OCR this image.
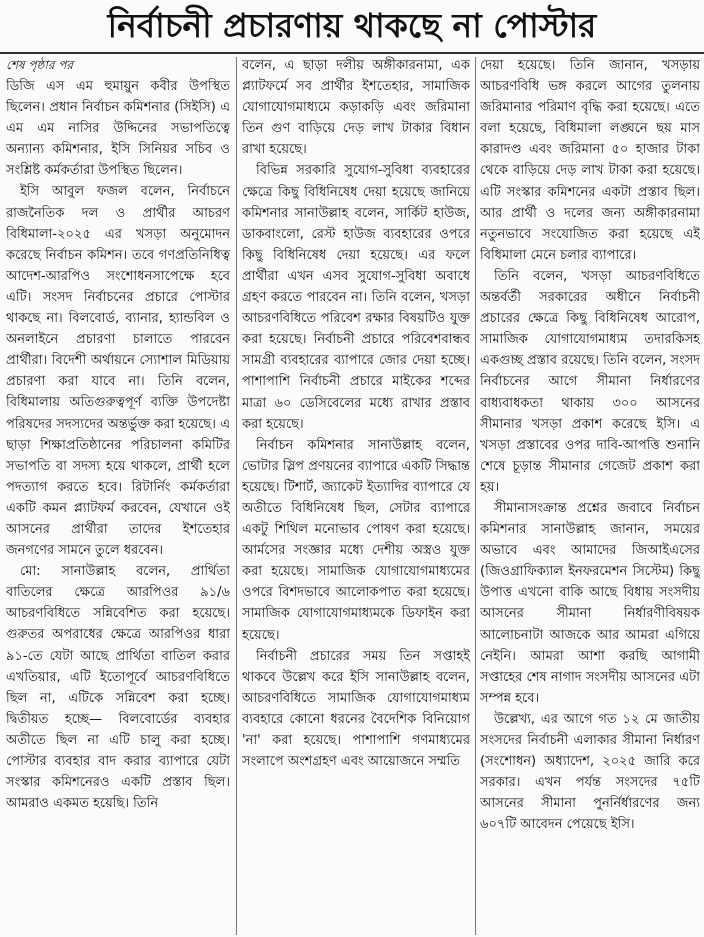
নির্বাচনী প্রচারণায় থাকছে না পোস্টার

শেষ পৃষ্ঠার পর

ডিজি এস এম হুমায়ুন কবীর উপস্থিত ছিলেন। প্রধান নির্বাচন কমিশনার (সিইসি) এ এম এম নাসির উদ্দিনের সভাপতিত্বে অন্যান্য কমিশনার, ইসি সিনিয়র সচিব ও সংশ্লিষ্ট কর্মকর্তারা উপস্থিত ছিলেন।

ইসি আবুল ফজল বলেন, নির্বাচনে রাজনৈতিক দল ও প্রার্থীর আচরণ বিধিমালা-২০২৫ এর খসড়া অনুমোদন করেছে নির্বাচন কমিশন। তবে গণপ্রতিনিধিত্ব আদেশ-আরপিও সংশোধনসাপেক্ষে হবে এটি। সংসদ নির্বাচনের প্রচারে পোস্টার থাকছে না। বিলবোর্ড, ব্যানার, হ্যান্ডবিল ও অনলাইনে প্রচারণা চালাতে পারবেন প্রার্থীরা। বিদেশী অর্থায়নে স্যোশাল মিডিয়ায় প্রচারণা করা যাবে না। তিনি বলেন, বিধিমালায় অতিগুরুত্বপূর্ণ ব্যক্তি উপদেষ্টা পরিষদের সদস্যদের অন্তর্ভুক্ত করা হয়েছে। এ ছাড়া শিক্ষাপ্রতিষ্ঠানের পরিচালনা কমিটির সভাপতি বা সদস্য হয়ে থাকলে, প্রার্থী হলে পদত্যাগ করতে হবে। রিটার্নিং কর্মকর্তারা একটি কমন প্ল্যাটফর্ম করবেন, যেখানে ওই আসনের প্রার্থীরা তাদের ইশতেহার জনগণের সামনে তুলে ধরবেন।

মো: সানাউল্লাহ বলেন, প্রার্থিতা বাতিলের ক্ষেত্রে আরপিওর ৯১/৬ আচরণবিধিতে সন্নিবেশিত করা হয়েছে। গুরুতর অপরাধের ক্ষেত্রে আরপিওর ধারা ৯১-তে যেটা আছে প্রার্থিতা বাতিল করার এখতিয়ার, এটি ইতোপূর্বে আচরণবিধিতে ছিল না, এটিকে সন্নিবেশ করা হচ্ছে। দ্বিতীয়ত হচ্ছে— বিলবোর্ডের ব্যবহার অতীতে ছিল না এটি চালু করা হচ্ছে। পোস্টার ব্যবহার বাদ করার ব্যাপারে যেটা সংস্কার কমিশনেরও একটি প্রস্তাব ছিল। আমরাও একমত হয়েছি। তিনি

বলেন, এ ছাড়া দলীয় অঙ্গীকারনামা, এক প্ল্যাটফর্মে সব প্রার্থীর ইশতেহার, সামাজিক যোগাযোগমাধ্যমে কড়াকড়ি এবং জরিমানা তিন গুণ বাড়িয়ে দেড় লাখ টাকার বিধান রাখা হয়েছে।

বিভিন্ন সরকারি সুযোগ-সুবিধা ব্যবহারের ক্ষেত্রে কিছু বিধিনিষেধ দেয়া হয়েছে জানিয়ে কমিশনার সানাউল্লাহ বলেন, সার্কিট হাউজ, ডাকবাংলো, রেস্ট হাউজ ব্যবহারের ওপরে কিছু বিধিনিষেধ দেয়া হয়েছে। এর ফলে প্রার্থীরা এখন এসব সুযোগ-সুবিধা অবাধে গ্রহণ করতে পারবেন না। তিনি বলেন, খসড়া আচরণবিধিতে পরিবেশ রক্ষার বিষয়টিও যুক্ত করা হয়েছে। নির্বাচনী প্রচারে পরিবেশবান্ধব সামগ্রী ব্যবহারের ব্যাপারে জোর দেয়া হচ্ছে। পাশাপাশি নির্বাচনী প্রচারে মাইকের শব্দের মাত্রা ৬০ ডেসিবেলের মধ্যে রাখার প্রস্তাব করা হয়েছে।

নির্বাচন কমিশনার সানাউল্লাহ বলেন, ভোটার স্লিপ প্রণয়নের ব্যাপারে একটি সিদ্ধান্ত হয়েছে। টিশার্ট, জ্যাকেট ইত্যাদির ব্যাপারে যে অতীতে বিধিনিষেধ ছিল, সেটার ব্যাপারে একটু শিথিল মনোভাব পোষণ করা হয়েছে। আর্মসের সংজ্ঞার মধ্যে দেশীয় অস্ত্রও যুক্ত করা হয়েছে। সামাজিক যোগাযোগমাধ্যমের ওপরে বিশদভাবে আলোকপাত করা হয়েছে। সামাজিক যোগাযোগমাধ্যমকে ডিফাইন করা হয়েছে।

নির্বাচনী প্রচারের সময় তিন সপ্তাহই থাকবে উল্লেখ করে ইসি সানাউল্লাহ বলেন, আচরণবিধিতে সামাজিক যোগাযোগমাধ্যম ব্যবহারে কোনো ধরনের বৈদেশিক বিনিয়োগ 'না' করা হয়েছে। পাশাপাশি গণমাধ্যমের সংলাপে অংশগ্রহণ এবং আয়োজনে সম্মতি

দেয়া হয়েছে। তিনি জানান, খসড়ায় আচরণবিধি ভঙ্গ করলে আগের তুলনায় জরিমানার পরিমাণ বৃদ্ধি করা হয়েছে। এতে বলা হয়েছে, বিধিমালা লঙ্ঘনে ছয় মাস কারাদণ্ড এবং জরিমানা ৫০ হাজার টাকা থেকে বাড়িয়ে দেড় লাখ টাকা করা হয়েছে। এটি সংস্কার কমিশনের একটা প্রস্তাব ছিল। আর প্রার্থী ও দলের জন্য অঙ্গীকারনামা নতুনভাবে সংযোজিত করা হয়েছে এই বিধিমালা মেনে চলার ব্যাপারে।

তিনি বলেন, খসড়া আচরণবিধিতে অন্তর্বর্তী সরকারের অধীনে নির্বাচনী প্রচারের ক্ষেত্রে কিছু বিধিনিষেধ আরোপ, সামাজিক যোগাযোগমাধ্যম তদারকিসহ একগুচ্ছ প্রস্তাব রয়েছে। তিনি বলেন, সংসদ নির্বাচনের আগে সীমানা নির্ধারণের বাধ্যবাধকতা থাকায় ৩০০ আসনের সীমানার খসড়া প্রকাশ করেছে ইসি। এ খসড়া প্রস্তাবের ওপর দাবি-আপত্তি শুনানি শেষে চূড়ান্ত সীমানার গেজেট প্রকাশ করা হয়।

সীমানাসংক্রান্ত প্রশ্নের জবাবে নির্বাচন কমিশনার সানাউল্লাহ জানান, সময়ের অভাবে এবং আমাদের জিআইএসের (জিওগ্রাফিক্যাল ইনফরমেশন সিস্টেম) কিছু উপাত্ত এখনো বাকি আছে বিধায় সংসদীয় আসনের সীমানা নির্ধারণীবিষয়ক আলোচনাটা আজকে আর আমরা এগিয়ে নেইনি। আমরা আশা করছি আগামী সপ্তাহের শেষ নাগাদ সংসদীয় আসনের এটা সম্পন্ন হবে।

উল্লেখ্য, এর আগে গত ১২ মে জাতীয় সংসদের নির্বাচনী এলাকার সীমানা নির্ধারণ (সংশোধন) অধ্যাদেশ, ২০২৫ জারি করে সরকার। এখন পর্যন্ত সংসদের ৭৫টি আসনের সীমানা পুনর্নির্ধারণের জন্য ৬০৭টি আবেদন পেয়েছে ইসি।
